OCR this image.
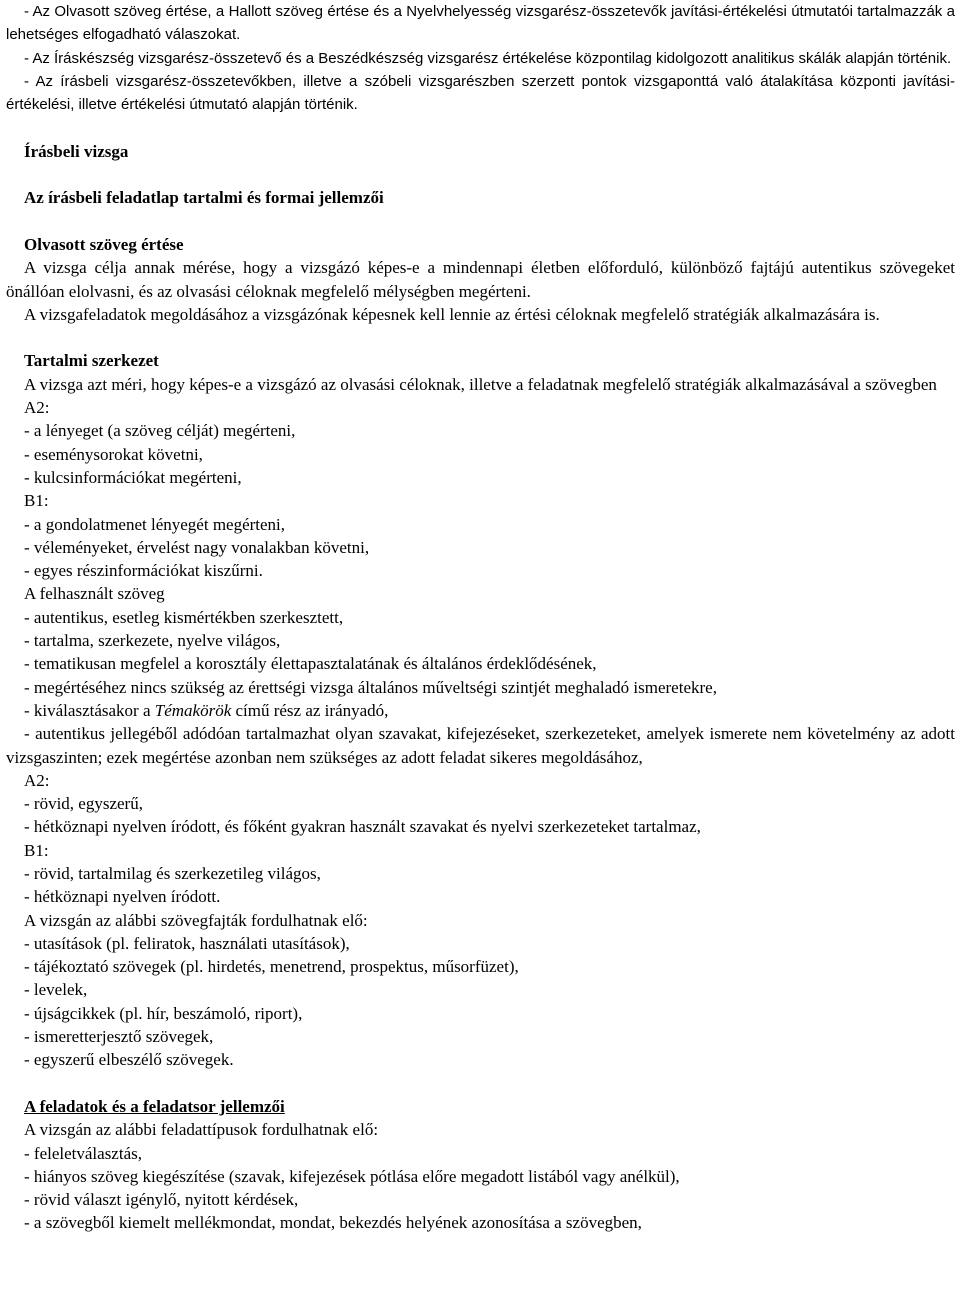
- Az Olvasott szöveg értése, a Hallott szöveg értése és a Nyelvhelyesség vizsgarész-összetevők javítási-értékelési útmutatói tartalmazzák a lehetséges elfogadható válaszokat.

- Az Íráskészség vizsgarész-összetevő és a Beszédkészség vizsgarész értékelése központilag kidolgozott analitikus skálák alapján történik.

- Az írásbeli vizsgarész-összetevőkben, illetve a szóbeli vizsgarészben szerzett pontok vizsgaponttá való átalakítása központi javítási-értékelési, illetve értékelési útmutató alapján történik.

Írásbeli vizsga

Az írásbeli feladatlap tartalmi és formai jellemzői

Olvasott szöveg értése

A vizsga célja annak mérése, hogy a vizsgázó képes-e a mindennapi életben előforduló, különböző fajtájú autentikus szövegeket önállóan elolvasni, és az olvasási céloknak megfelelő mélységben megérteni.

A vizsgafeladatok megoldásához a vizsgázónak képesnek kell lennie az értési céloknak megfelelő stratégiák alkalmazására is.

Tartalmi szerkezet

A vizsga azt méri, hogy képes-e a vizsgázó az olvasási céloknak, illetve a feladatnak megfelelő stratégiák alkalmazásával a szövegben

A2:

- a lényeget (a szöveg célját) megérteni,

- eseménysorokat követni,

- kulcsinformációkat megérteni,

B1:

- a gondolatmenet lényegét megérteni,

- véleményeket, érvelést nagy vonalakban követni,

- egyes részinformációkat kiszűrni.

A felhasznált szöveg

- autentikus, esetleg kismértékben szerkesztett,

- tartalma, szerkezete, nyelve világos,

- tematikusan megfelel a korosztály élettapasztalatának és általános érdeklődésének,

- megértéséhez nincs szükség az érettségi vizsga általános műveltségi szintjét meghaladó ismeretekre,

- kiválasztásakor a Témakörök című rész az irányadó,

- autentikus jellegéből adódóan tartalmazhat olyan szavakat, kifejezéseket, szerkezeteket, amelyek ismerete nem követelmény az adott vizsgaszinten; ezek megértése azonban nem szükséges az adott feladat sikeres megoldásához,

A2:

- rövid, egyszerű,

- hétköznapi nyelven íródott, és főként gyakran használt szavakat és nyelvi szerkezeteket tartalmaz,

B1:

- rövid, tartalmilag és szerkezetileg világos,

- hétköznapi nyelven íródott.

A vizsgán az alábbi szövegfajták fordulhatnak elő:

- utasítások (pl. feliratok, használati utasítások),

- tájékoztató szövegek (pl. hirdetés, menetrend, prospektus, műsorfüzet),

- levelek,

- újságcikkek (pl. hír, beszámoló, riport),

- ismeretterjesztő szövegek,

- egyszerű elbeszélő szövegek.

A feladatok és a feladatsor jellemzői

A vizsgán az alábbi feladattípusok fordulhatnak elő:

- feleletválasztás,

- hiányos szöveg kiegészítése (szavak, kifejezések pótlása előre megadott listából vagy anélkül),

- rövid választ igénylő, nyitott kérdések,

- a szövegből kiemelt mellékmondat, mondat, bekezdés helyének azonosítása a szövegben,
